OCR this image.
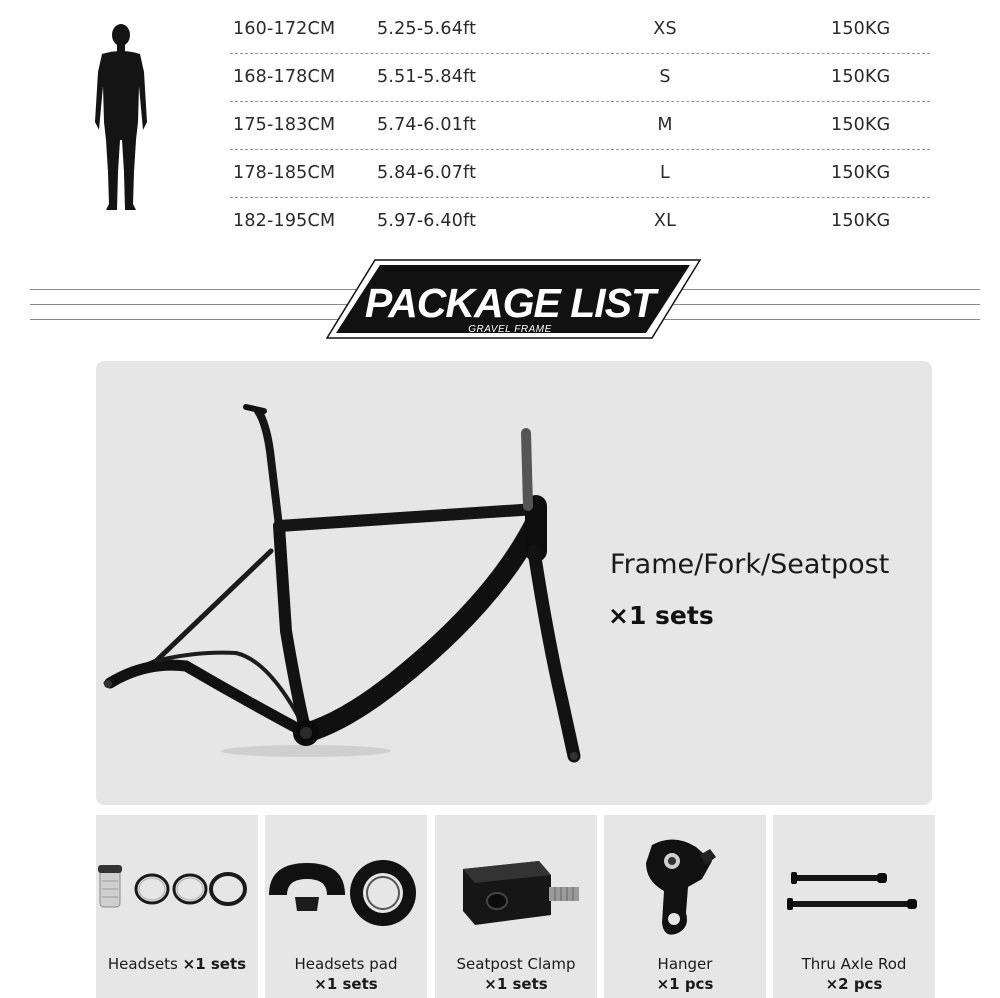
160-172CM 5.25-5.64ft	XS	150KG
168-178CM 5.51-5.84ft	S	150KG
175-183CM 5.74-6.01ft	M	150KG
178-185CM 5.84-6.07ft	L	150KG
182-195CM 5.97-6.40ft	XL	150KG
PACKAGE LIST
GRAVEL FRAME
Frame/Fork/Seatpost
×1 sets
Headsets ×1 sets	Headsets pad
×1 sets
Seatpost Clamp
×1 sets
Hanger
×1 pcs
Thru Axle Rod
×2 pcs
